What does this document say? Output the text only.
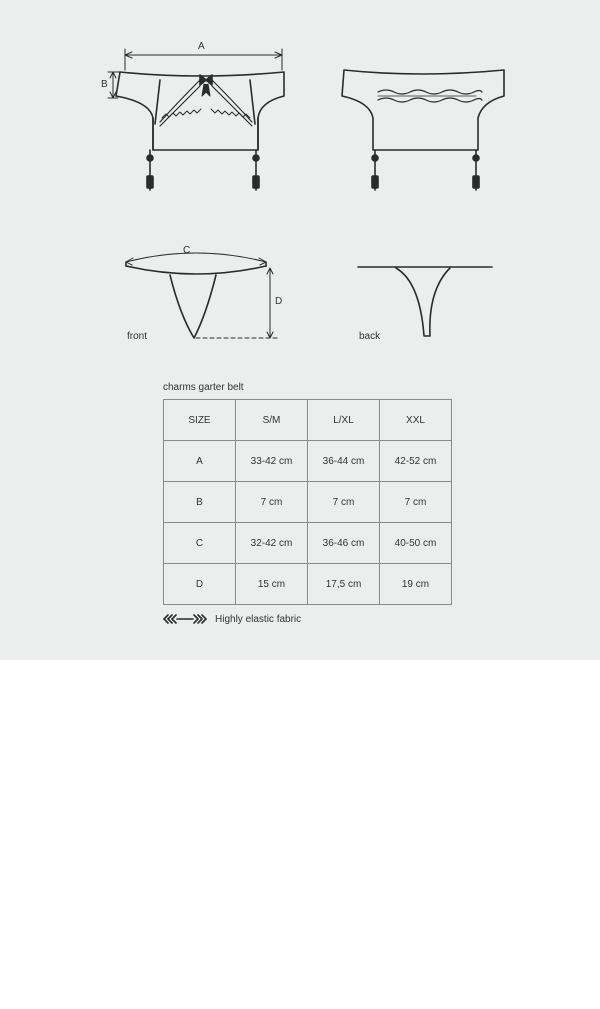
A
B
C
D
front	back
charms garter belt
SIZE	S/M	L/XL	XXL
A	33-42 cm	36-44 cm	42-52 cm
B	7 cm	7 cm	7 cm
C	32-42 cm	36-46 cm	40-50 cm
D	15 cm	17,5 cm	19 cm
Highly elastic fabric
